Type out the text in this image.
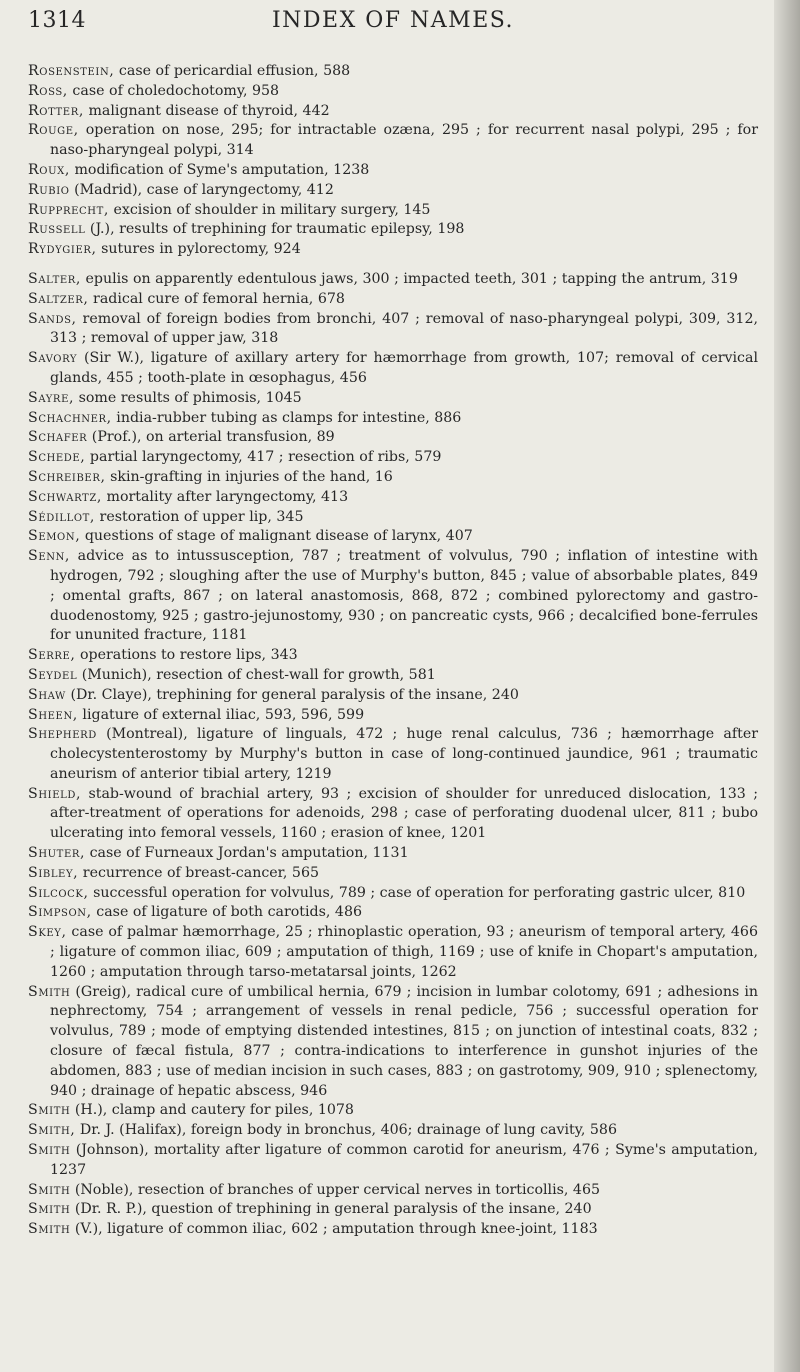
1314	INDEX OF NAMES.

Rosenstein, case of pericardial effusion, 588

Ross, case of choledochotomy, 958

Rotter, malignant disease of thyroid, 442

Rouge, operation on nose, 295; for intractable ozæna, 295 ; for recurrent nasal polypi, 295 ; for naso-pharyngeal polypi, 314

Roux, modification of Syme's amputation, 1238

Rubio (Madrid), case of laryngectomy, 412

Rupprecht, excision of shoulder in military surgery, 145

Russell (J.), results of trephining for traumatic epilepsy, 198

Rydygier, sutures in pylorectomy, 924

Salter, epulis on apparently edentulous jaws, 300 ; impacted teeth, 301 ; tapping the antrum, 319

Saltzer, radical cure of femoral hernia, 678

Sands, removal of foreign bodies from bronchi, 407 ; removal of naso-pharyngeal polypi, 309, 312, 313 ; removal of upper jaw, 318

Savory (Sir W.), ligature of axillary artery for hæmorrhage from growth, 107; removal of cervical glands, 455 ; tooth-plate in œsophagus, 456

Sayre, some results of phimosis, 1045

Schachner, india-rubber tubing as clamps for intestine, 886

Schafer (Prof.), on arterial transfusion, 89

Schede, partial laryngectomy, 417 ; resection of ribs, 579

Schreiber, skin-grafting in injuries of the hand, 16

Schwartz, mortality after laryngectomy, 413

Sédillot, restoration of upper lip, 345

Semon, questions of stage of malignant disease of larynx, 407

Senn, advice as to intussusception, 787 ; treatment of volvulus, 790 ; inflation of intestine with hydrogen, 792 ; sloughing after the use of Murphy's button, 845 ; value of absorbable plates, 849 ; omental grafts, 867 ; on lateral anastomosis, 868, 872 ; combined pylorectomy and gastro-duodenostomy, 925 ; gastro-jejunostomy, 930 ; on pancreatic cysts, 966 ; decalcified bone-ferrules for ununited fracture, 1181

Serre, operations to restore lips, 343

Seydel (Munich), resection of chest-wall for growth, 581

Shaw (Dr. Claye), trephining for general paralysis of the insane, 240

Sheen, ligature of external iliac, 593, 596, 599

Shepherd (Montreal), ligature of linguals, 472 ; huge renal calculus, 736 ; hæmorrhage after cholecystenterostomy by Murphy's button in case of long-continued jaundice, 961 ; traumatic aneurism of anterior tibial artery, 1219

Shield, stab-wound of brachial artery, 93 ; excision of shoulder for unreduced dislocation, 133 ; after-treatment of operations for adenoids, 298 ; case of perforating duodenal ulcer, 811 ; bubo ulcerating into femoral vessels, 1160 ; erasion of knee, 1201

Shuter, case of Furneaux Jordan's amputation, 1131

Sibley, recurrence of breast-cancer, 565

Silcock, successful operation for volvulus, 789 ; case of operation for perforating gastric ulcer, 810

Simpson, case of ligature of both carotids, 486

Skey, case of palmar hæmorrhage, 25 ; rhinoplastic operation, 93 ; aneurism of temporal artery, 466 ; ligature of common iliac, 609 ; amputation of thigh, 1169 ; use of knife in Chopart's amputation, 1260 ; amputation through tarso-metatarsal joints, 1262

Smith (Greig), radical cure of umbilical hernia, 679 ; incision in lumbar colotomy, 691 ; adhesions in nephrectomy, 754 ; arrangement of vessels in renal pedicle, 756 ; successful operation for volvulus, 789 ; mode of emptying distended intestines, 815 ; on junction of intestinal coats, 832 ; closure of fæcal fistula, 877 ; contra-indications to interference in gunshot injuries of the abdomen, 883 ; use of median incision in such cases, 883 ; on gastrotomy, 909, 910 ; splenectomy, 940 ; drainage of hepatic abscess, 946

Smith (H.), clamp and cautery for piles, 1078

Smith, Dr. J. (Halifax), foreign body in bronchus, 406; drainage of lung cavity, 586

Smith (Johnson), mortality after ligature of common carotid for aneurism, 476 ; Syme's amputation, 1237

Smith (Noble), resection of branches of upper cervical nerves in torticollis, 465

Smith (Dr. R. P.), question of trephining in general paralysis of the insane, 240

Smith (V.), ligature of common iliac, 602 ; amputation through knee-joint, 1183
